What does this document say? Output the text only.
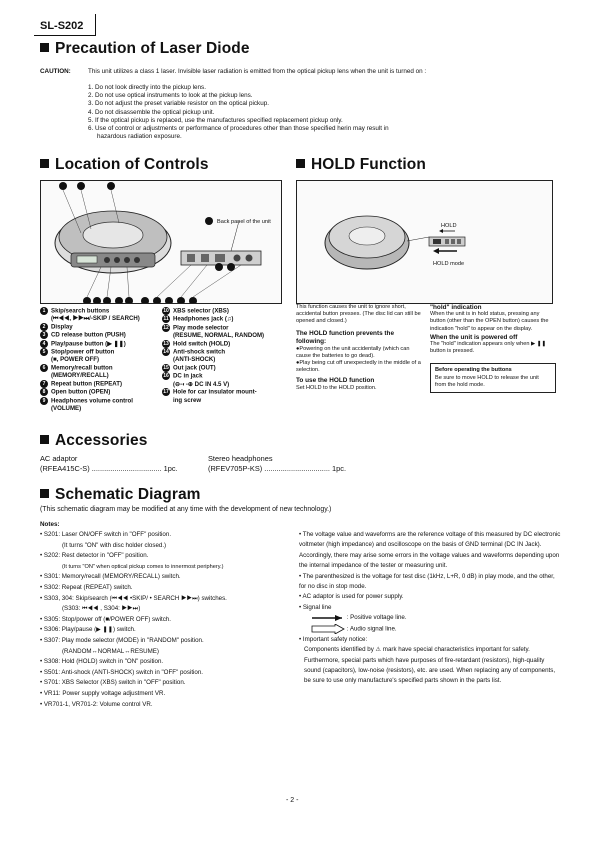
SL-S202
Precaution of Laser Diode
CAUTION:	This unit utilizes a class 1 laser. Invisible laser radiation is emitted from the optical pickup lens when the unit is turned on :
1. Do not look directly into the pickup lens.
2. Do not use optical instruments to look at the pickup lens.
3. Do not adjust the preset variable resistor on the optical pickup.
4. Do not disassemble the optical pickup unit.
5. If the optical pickup is replaced, use the manufactures specified replacement pickup only.
6. Use of control or adjustments or performance of procedures other than those specified herin may result in
hazardous radiation exposure.
Location of Controls
Back panel of the unit
1 Skip/search buttons
(⏮◀◀, ▶▶⏭/-SKIP / SEARCH)
2 Display
3 CD release button (PUSH)
4 Play/pause button (▶ ❚❚)
5 Stop/power off button
(■, POWER OFF)
6 Memory/recall button
(MEMORY/RECALL)
7 Repeat button (REPEAT)
8 Open button (OPEN)
9 Headphones volume control
(VOLUME)
10 XBS selector (XBS)
11 Headphones jack (♫)
12 Play mode selector
(RESUME, NORMAL, RANDOM)
13 Hold switch (HOLD)
14 Anti-shock switch
(ANTI-SHOCK)
15 Out jack (OUT)
16 DC in jack
(⊖-◐-⊕ DC IN 4.5 V)
17 Hole for car insulator mount-
ing screw
HOLD Function
HOLD
HOLD mode
This function causes the unit to ignore short, accidental button presses. (The disc lid can still be opened and closed.)
The HOLD function prevents the following:
●Powering on the unit accidentally (which can cause the batteries to go dead).
●Play being cut off unexpectedly in the middle of a selection.
To use the HOLD function
Set HOLD to the HOLD position.
"hold" indication
When the unit is in hold status, pressing any button (other than the OPEN button) causes the indication "hold" to appear on the display.
When the unit is powered off
The "hold" indication appears only when ▶ ❚❚ button is pressed.
Before operating the buttons
Be sure to move HOLD to release the unit from the hold mode.
Accessories
AC adaptor
(RFEA415C-S) .................................. 1pc.
Stereo headphones
(RFEV705P-KS) ................................ 1pc.
Schematic Diagram
(This schematic diagram may be modified at any time with the development of new technology.)
Notes:
• S201: Laser ON/OFF switch in "OFF" position.
(It turns "ON" with disc holder closed.)
• S202: Rest detector in "OFF" position.
(It turns "ON" when optical pickup comes to innermost periphery.)
• S301: Memory/recall (MEMORY/RECALL) switch.
• S302: Repeat (REPEAT) switch.
• S303, 304: Skip/search (⏮◀◀ •SKIP/ • SEARCH ▶▶⏭) switches.
(S303: ⏮◀◀ , S304: ▶▶⏭)
• S305: Stop/power off (■/POWER OFF) switch.
• S306: Play/pause (▶ ❚❚) switch.
• S307: Play mode selector (MODE) in "RANDOM" position.
(RANDOM↔NORMAL↔RESUME)
• S308: Hold (HOLD) switch in "ON" position.
• S501: Anti-shock (ANTI-SHOCK) switch in "OFF" position.
• S701: XBS Selector (XBS) switch in "OFF" position.
• VR11: Power supply voltage adjustment VR.
• VR701-1, VR701-2: Volume control VR.
• The voltage value and waveforms are the reference voltage of this measured by DC electronic voltmeter (high impedance) and oscilloscope on the basis of GND terminal (DC IN Jack). Accordingly, there may arise some errors in the voltage values and waveforms depending upon the internal impedance of the tester or measuring unit.
• The parenthesized is the voltage for test disc (1kHz, L+R, 0 dB) in play mode, and the other, for no disc in stop mode.
• AC adaptor is used for power supply.
• Signal line
: Positive voltage line.
: Audio signal line.
• Important safety notice:
Components identified by ⚠ mark have special characteristics important for safety. Furthermore, special parts which have purposes of fire-retardant (resistors), high-quality sound (capacitors), low-noise (resistors), etc. are used. When replacing any of components, be sure to use only manufacture's specified parts shown in the parts list.
- 2 -
